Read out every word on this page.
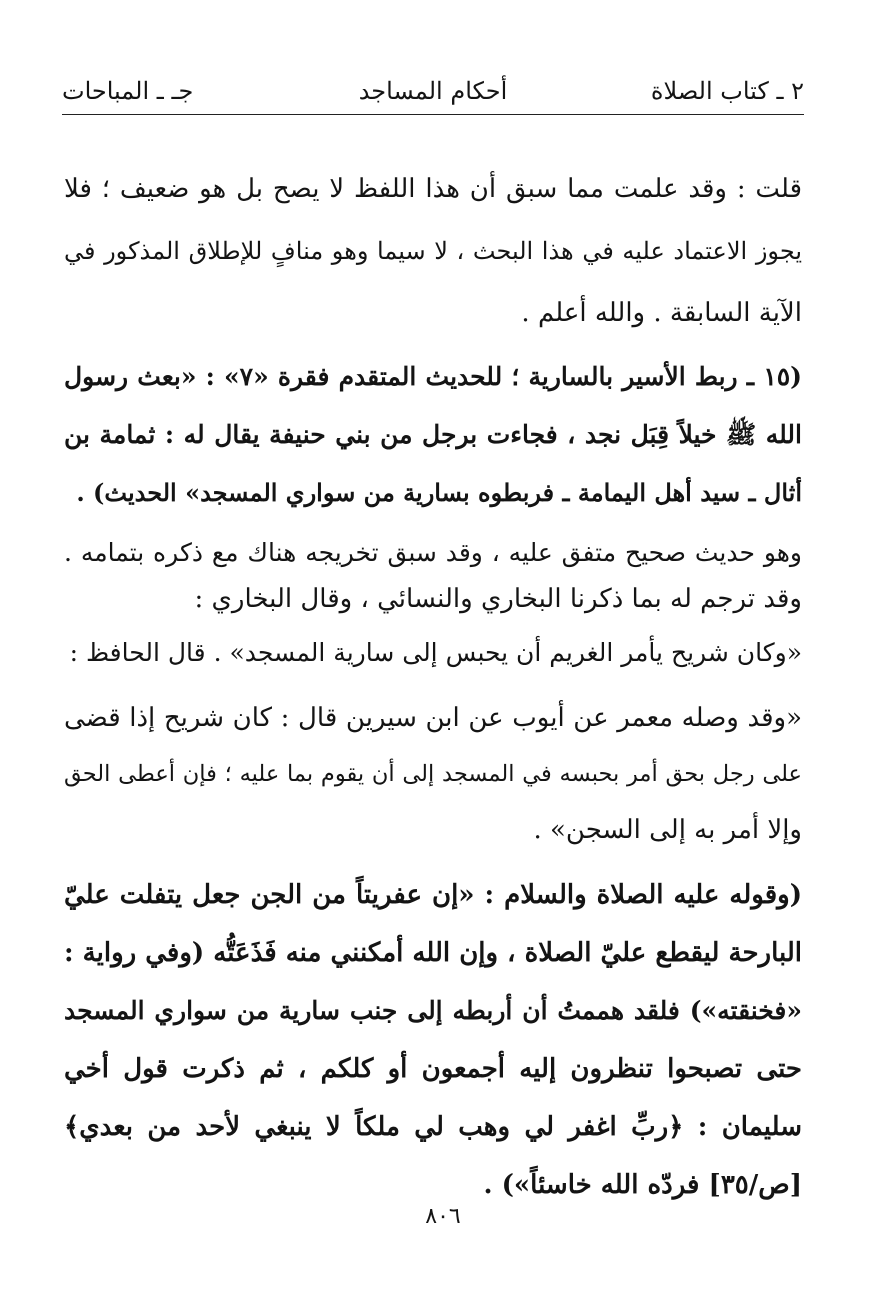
٢ ـ كتاب الصلاة
أحكام المساجد
جـ ـ المباحات
قلت : وقد علمت مما سبق أن هذا اللفظ لا يصح بل هو ضعيف ؛ فلا
يجوز الاعتماد عليه في هذا البحث ، لا سيما وهو منافٍ للإطلاق المذكور في
الآية السابقة . والله أعلم .
(١٥ ـ ربط الأسير بالسارية ؛ للحديث المتقدم فقرة «٧» : «بعث رسول
الله ﷺ خيلاً قِبَل نجد ، فجاءت برجل من بني حنيفة يقال له : ثمامة بن
أثال ـ سيد أهل اليمامة ـ فربطوه بسارية من سواري المسجد» الحديث) .
وهو حديث صحيح متفق عليه ، وقد سبق تخريجه هناك مع ذكره بتمامه .
وقد ترجم له بما ذكرنا البخاري والنسائي ، وقال البخاري :
«وكان شريح يأمر الغريم أن يحبس إلى سارية المسجد» . قال الحافظ :
«وقد وصله معمر عن أيوب عن ابن سيرين قال : كان شريح إذا قضى
على رجل بحق أمر بحبسه في المسجد إلى أن يقوم بما عليه ؛ فإن أعطى الحق
وإلا أمر به إلى السجن» .
(وقوله عليه الصلاة والسلام : «إن عفريتاً من الجن جعل يتفلت عليّ
البارحة ليقطع عليّ الصلاة ، وإن الله أمكنني منه فَذَعَتُّه (وفي رواية :
«فخنقته») فلقد هممتُ أن أربطه إلى جنب سارية من سواري المسجد
حتى تصبحوا تنظرون إليه أجمعون أو كلكم ، ثم ذكرت قول أخي
سليمان : ﴿ربِّ اغفر لي وهب لي ملكاً لا ينبغي لأحد من بعدي﴾
[ص/٣٥] فردّه الله خاسئاً») .
٨٠٦
